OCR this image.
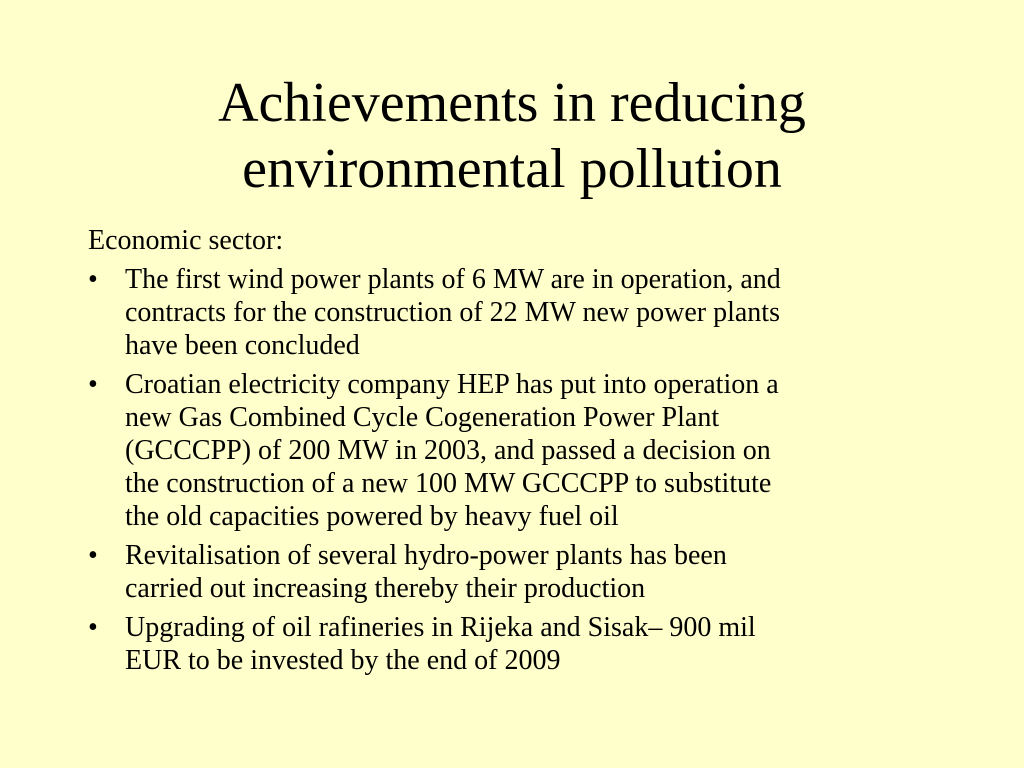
Achievements in reducing
environmental pollution
Economic sector:
• The first wind power plants of 6 MW are in operation, and
contracts for the construction of 22 MW new power plants
have been concluded
• Croatian electricity company HEP has put into operation a
new Gas Combined Cycle Cogeneration Power Plant
(GCCCPP) of 200 MW in 2003, and passed a decision on
the construction of a new 100 MW GCCCPP to substitute
the old capacities powered by heavy fuel oil
• Revitalisation of several hydro-power plants has been
carried out increasing thereby their production
• Upgrading of oil rafineries in Rijeka and Sisak– 900 mil
EUR to be invested by the end of 2009
